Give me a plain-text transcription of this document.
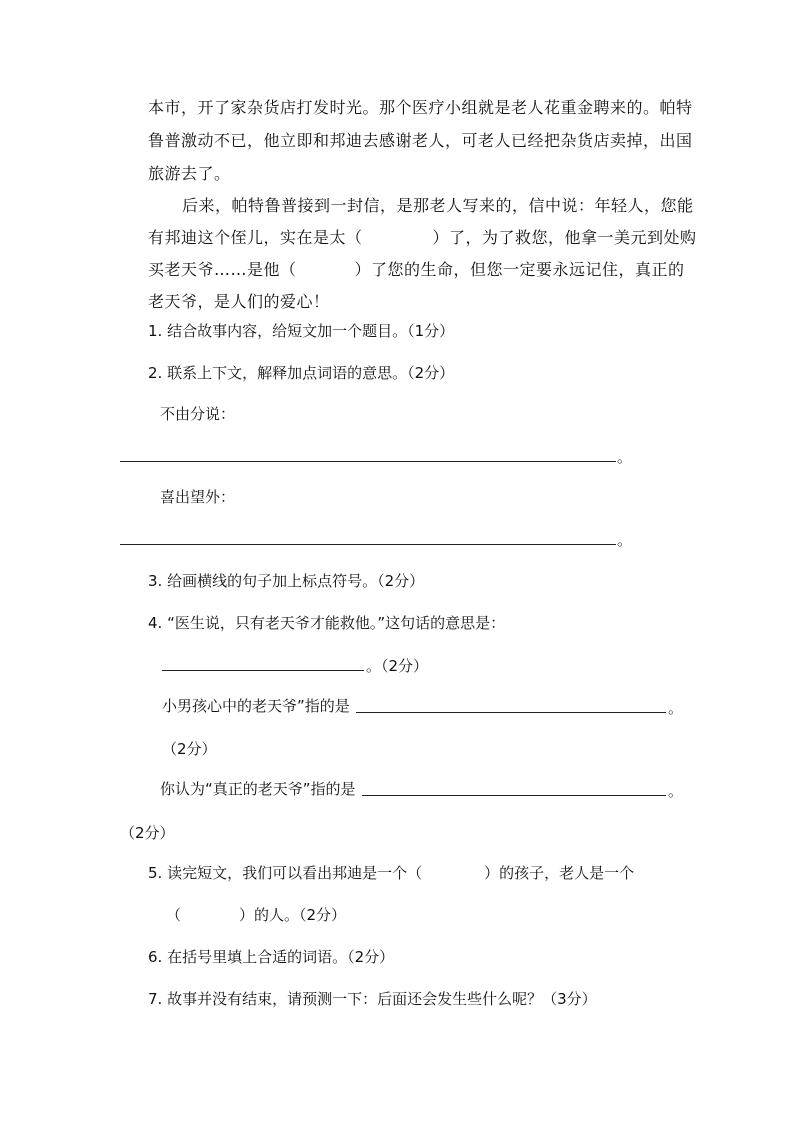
本市，开了家杂货店打发时光。那个医疗小组就是老人花重金聘来的。帕特
鲁普激动不已，他立即和邦迪去感谢老人，可老人已经把杂货店卖掉，出国
旅游去了。
后来，帕特鲁普接到一封信，是那老人写来的，信中说：年轻人，您能
有邦迪这个侄儿，实在是太（	）了，为了救您，他拿一美元到处购
买老天爷……是他（	）了您的生命，但您一定要永远记住，真正的
老天爷，是人们的爱心！
1. 结合故事内容，给短文加一个题目。（1分）
2. 联系上下文，解释加点词语的意思。（2分）
不由分说：
。
喜出望外：
。
3. 给画横线的句子加上标点符号。（2分）
4. “医生说，只有老天爷才能救他。”这句话的意思是：
。（2分）
小男孩心中的老天爷”指的是	。
（2分）
你认为“真正的老天爷”指的是	。
（2分）
5. 读完短文，我们可以看出邦迪是一个（	）的孩子，老人是一个
（	）的人。（2分）
6. 在括号里填上合适的词语。（2分）
7. 故事并没有结束，请预测一下：后面还会发生些什么呢？（3分）
